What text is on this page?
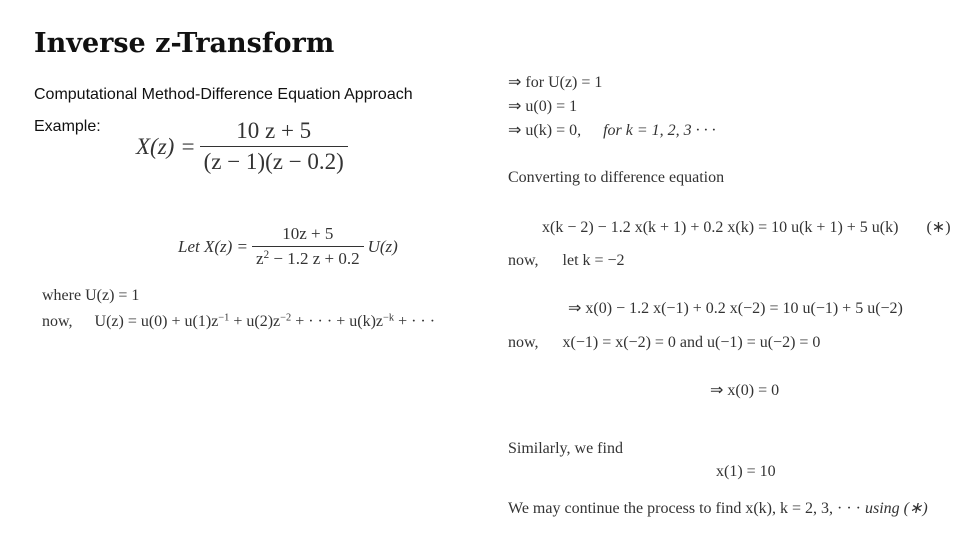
Inverse z-Transform
Computational Method-Difference Equation Approach
Example:
$X(z) = \frac{10 z + 5}{(z - 1)(z - 0.2)}$
Let $X(z) = \frac{10z + 5}{z^2 - 1.2 z + 0.2} U(z)$
where U(z) = 1
now, $U(z) = u(0) + u(1)z^{-1} + u(2)z^{-2}$ + · · · + $u(k)z^{-k}$ + · · ·
⇒ for U(z) = 1
⇒ u(0) = 1
⇒ u(k) = 0, for k = 1, 2, 3 · · ·
Converting to difference equation
x(k − 2) − 1.2 x(k + 1) + 0.2 x(k) = 10 u(k + 1) + 5 u(k) (∗)
now, let k = −2
⇒ x(0) − 1.2 x(−1) + 0.2 x(−2) = 10 u(−1) + 5 u(−2)
now, x(−1) = x(−2) = 0 and u(−1) = u(−2) = 0
⇒ x(0) = 0
Similarly, we find
x(1) = 10
We may continue the process to find x(k), k = 2, 3, · · · using (∗)
